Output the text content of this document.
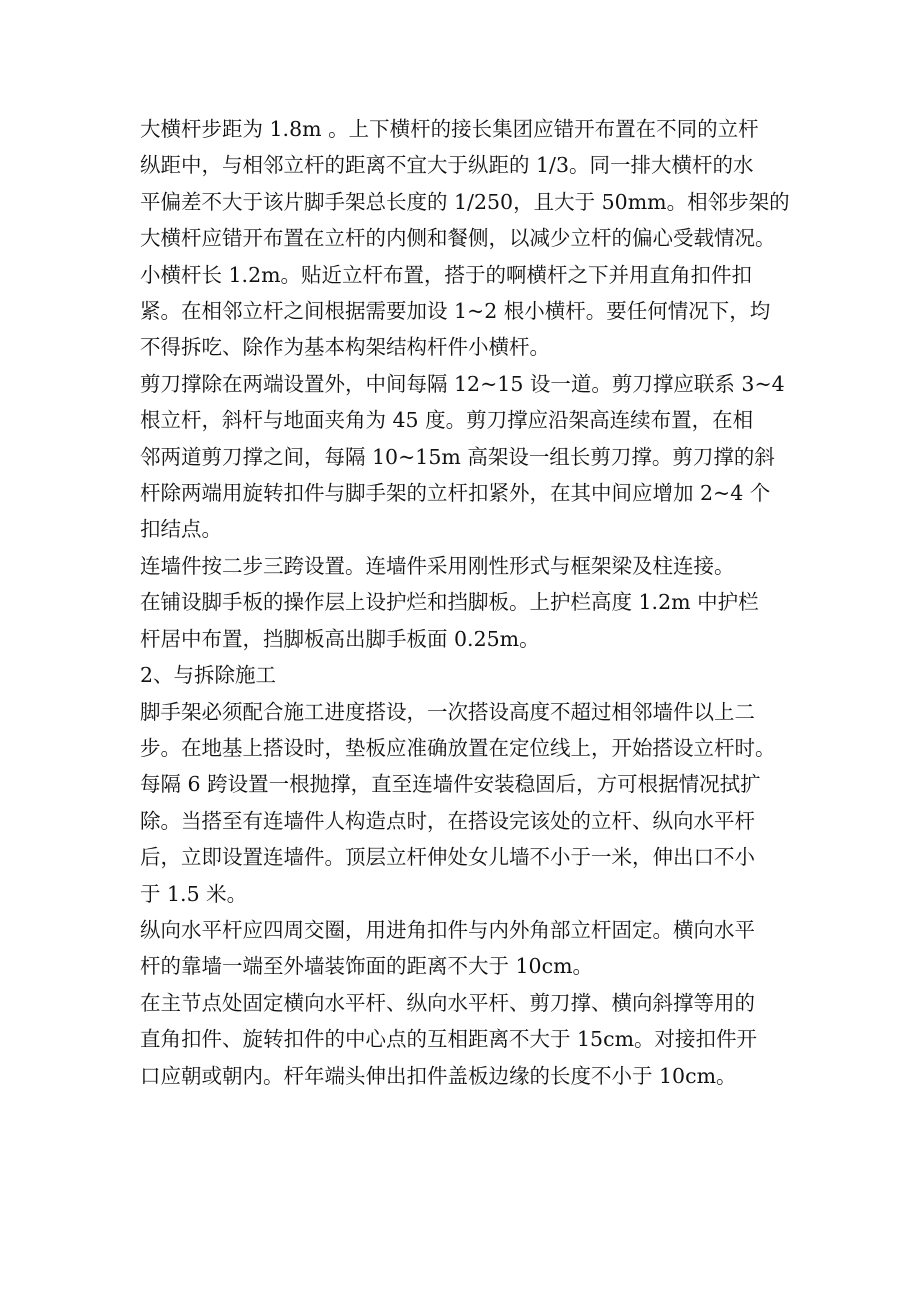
大横杆步距为 1.8m 。上下横杆的接长集团应错开布置在不同的立杆
纵距中，与相邻立杆的距离不宜大于纵距的 1/3。同一排大横杆的水
平偏差不大于该片脚手架总长度的 1/250，且大于 50mm。相邻步架的
大横杆应错开布置在立杆的内侧和餐侧，以减少立杆的偏心受载情况。
小横杆长 1.2m。贴近立杆布置，搭于的啊横杆之下并用直角扣件扣
紧。在相邻立杆之间根据需要加设 1~2 根小横杆。要任何情况下，均
不得拆吃、除作为基本构架结构杆件小横杆。
剪刀撑除在两端设置外，中间每隔 12~15 设一道。剪刀撑应联系 3~4
根立杆，斜杆与地面夹角为 45 度。剪刀撑应沿架高连续布置，在相
邻两道剪刀撑之间，每隔 10~15m 高架设一组长剪刀撑。剪刀撑的斜
杆除两端用旋转扣件与脚手架的立杆扣紧外，在其中间应增加 2~4 个
扣结点。
连墙件按二步三跨设置。连墙件采用刚性形式与框架梁及柱连接。
在铺设脚手板的操作层上设护烂和挡脚板。上护栏高度 1.2m 中护栏
杆居中布置，挡脚板高出脚手板面 0.25m。
2、与拆除施工
脚手架必须配合施工进度搭设，一次搭设高度不超过相邻墙件以上二
步。在地基上搭设时，垫板应准确放置在定位线上，开始搭设立杆时。
每隔 6 跨设置一根抛撑，直至连墙件安装稳固后，方可根据情况拭扩
除。当搭至有连墙件人构造点时，在搭设完该处的立杆、纵向水平杆
后，立即设置连墙件。顶层立杆伸处女儿墙不小于一米，伸出口不小
于 1.5 米。
纵向水平杆应四周交圈，用进角扣件与内外角部立杆固定。横向水平
杆的靠墙一端至外墙装饰面的距离不大于 10cm。
在主节点处固定横向水平杆、纵向水平杆、剪刀撑、横向斜撑等用的
直角扣件、旋转扣件的中心点的互相距离不大于 15cm。对接扣件开
口应朝或朝内。杆年端头伸出扣件盖板边缘的长度不小于 10cm。
